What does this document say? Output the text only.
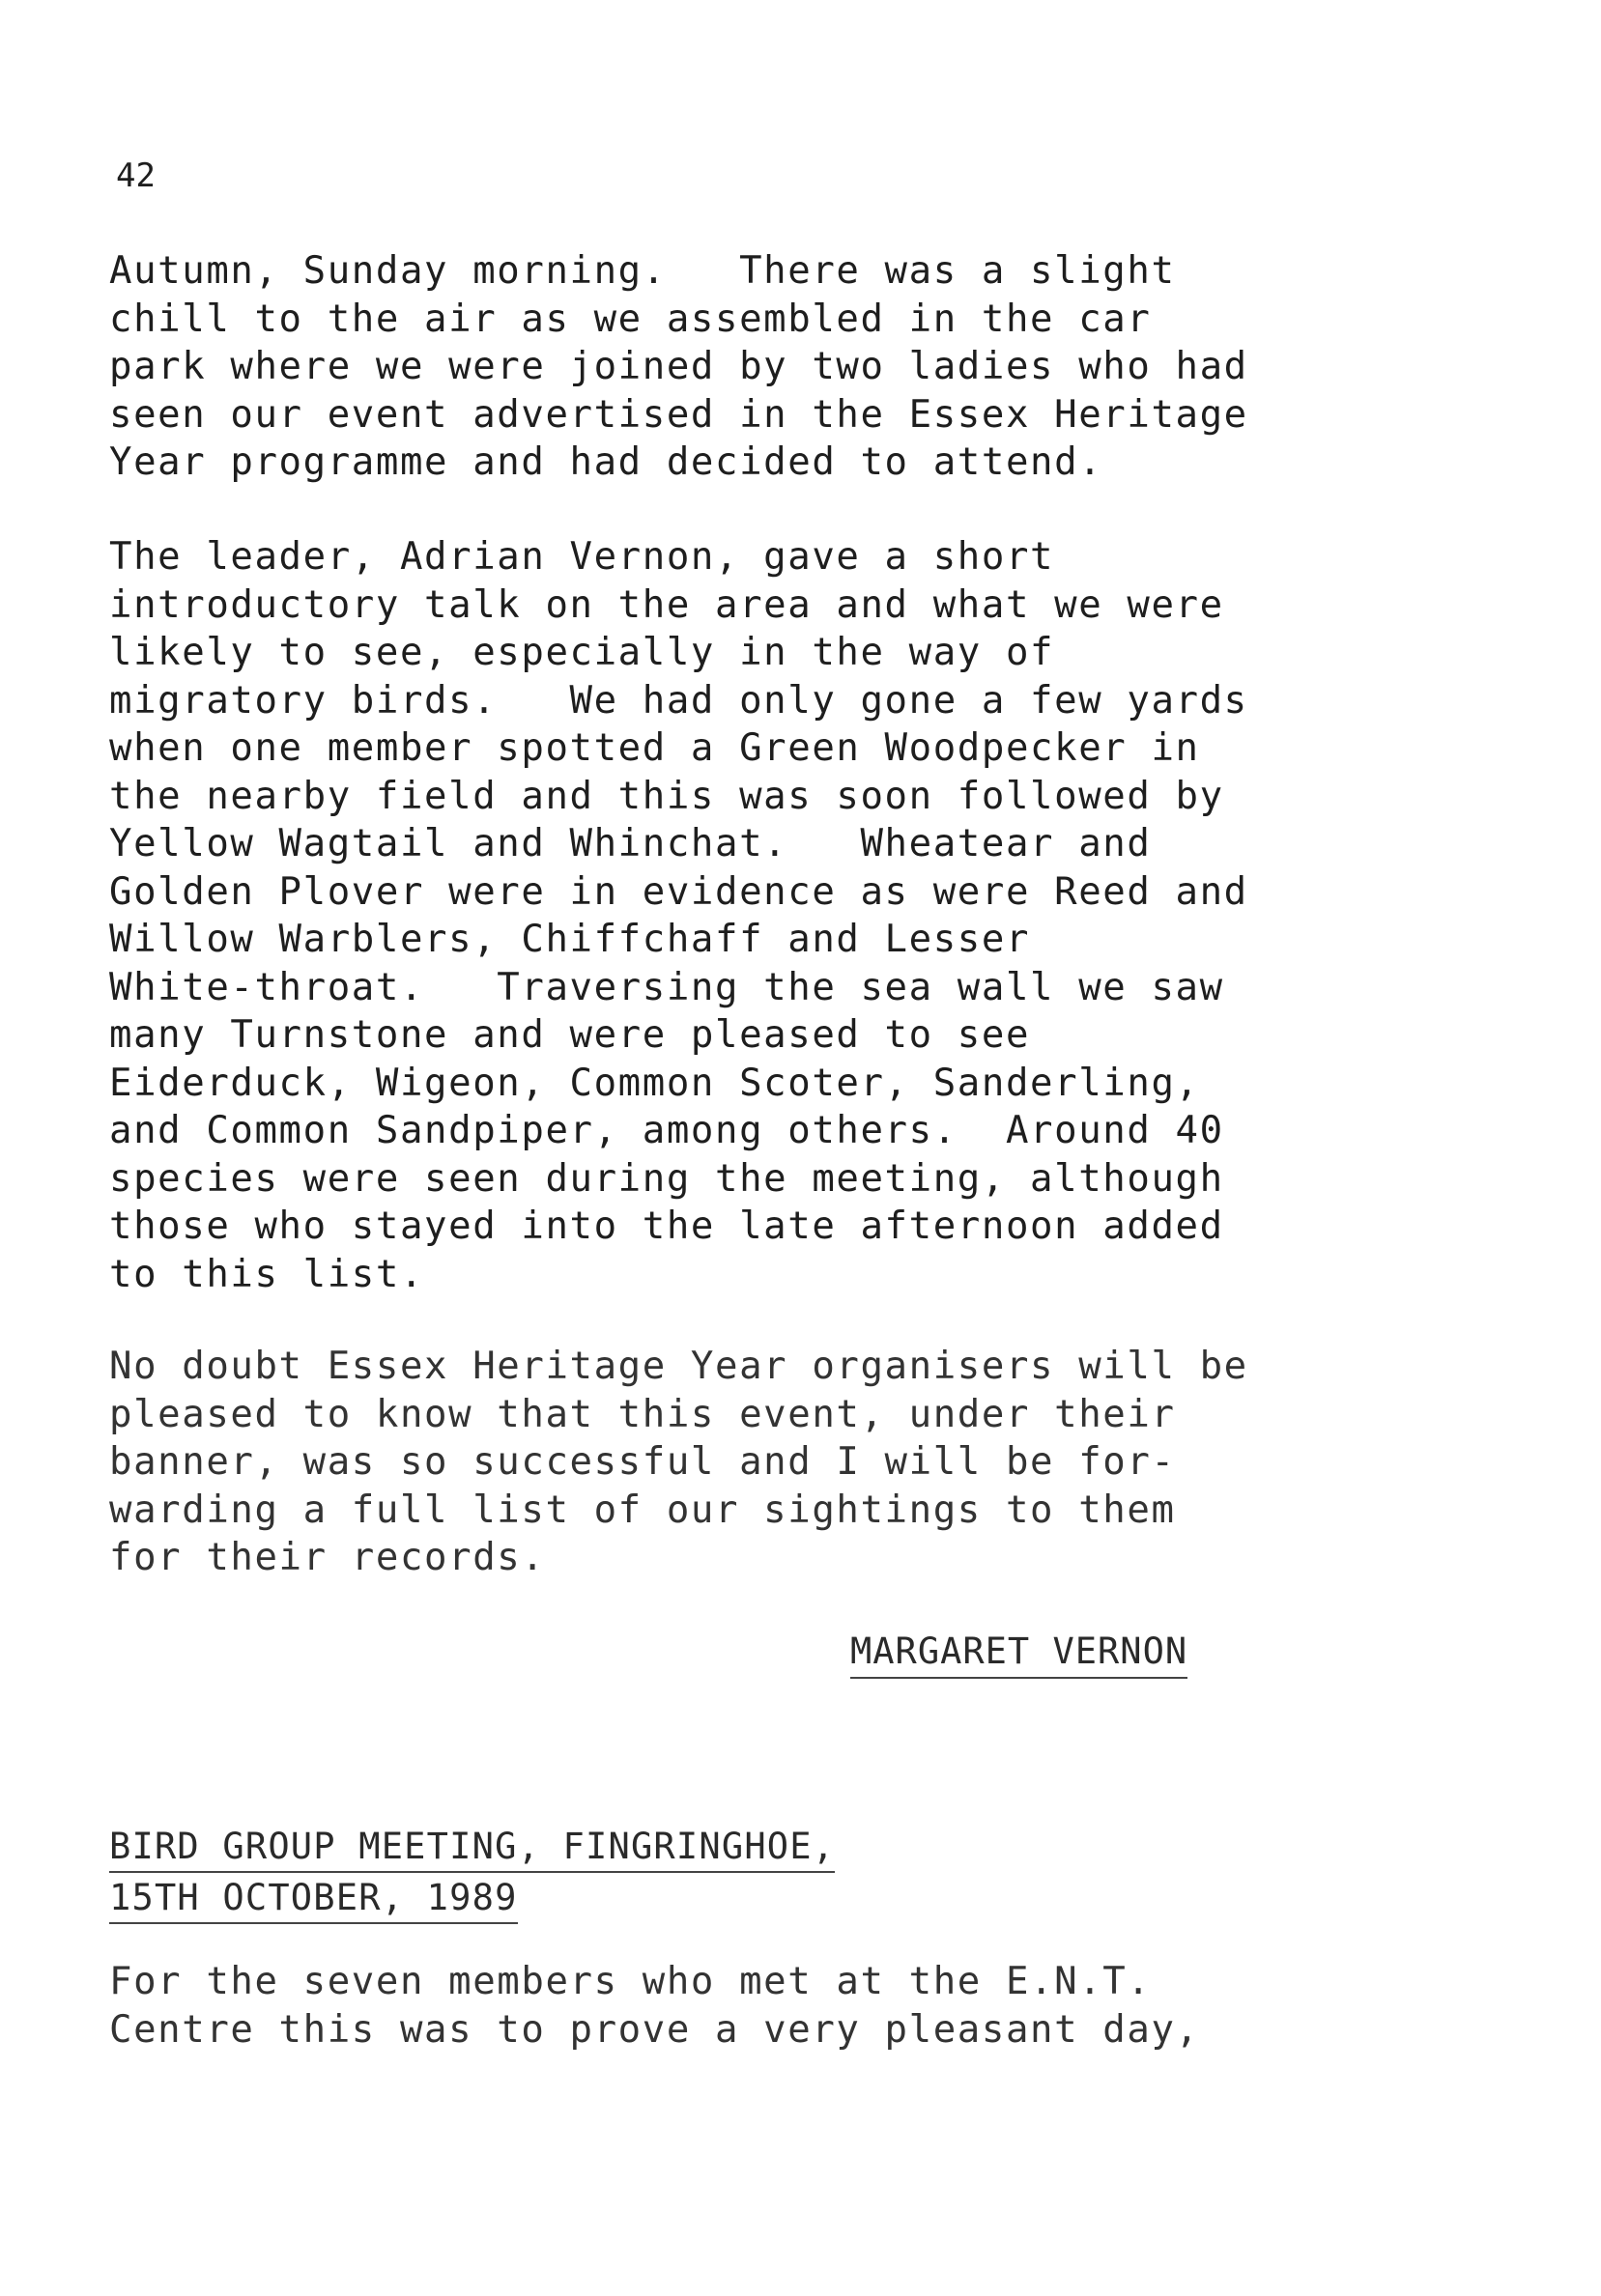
42
Autumn, Sunday morning.   There was a slight
chill to the air as we assembled in the car
park where we were joined by two ladies who had
seen our event advertised in the Essex Heritage
Year programme and had decided to attend.
The leader, Adrian Vernon, gave a short
introductory talk on the area and what we were
likely to see, especially in the way of
migratory birds.   We had only gone a few yards
when one member spotted a Green Woodpecker in
the nearby field and this was soon followed by
Yellow Wagtail and Whinchat.   Wheatear and
Golden Plover were in evidence as were Reed and
Willow Warblers, Chiffchaff and Lesser
White-throat.   Traversing the sea wall we saw
many Turnstone and were pleased to see
Eiderduck, Wigeon, Common Scoter, Sanderling,
and Common Sandpiper, among others.  Around 40
species were seen during the meeting, although
those who stayed into the late afternoon added
to this list.
No doubt Essex Heritage Year organisers will be
pleased to know that this event, under their
banner, was so successful and I will be for-
warding a full list of our sightings to them
for their records.
MARGARET VERNON
BIRD GROUP MEETING, FINGRINGHOE,
15TH OCTOBER, 1989
For the seven members who met at the E.N.T.
Centre this was to prove a very pleasant day,
